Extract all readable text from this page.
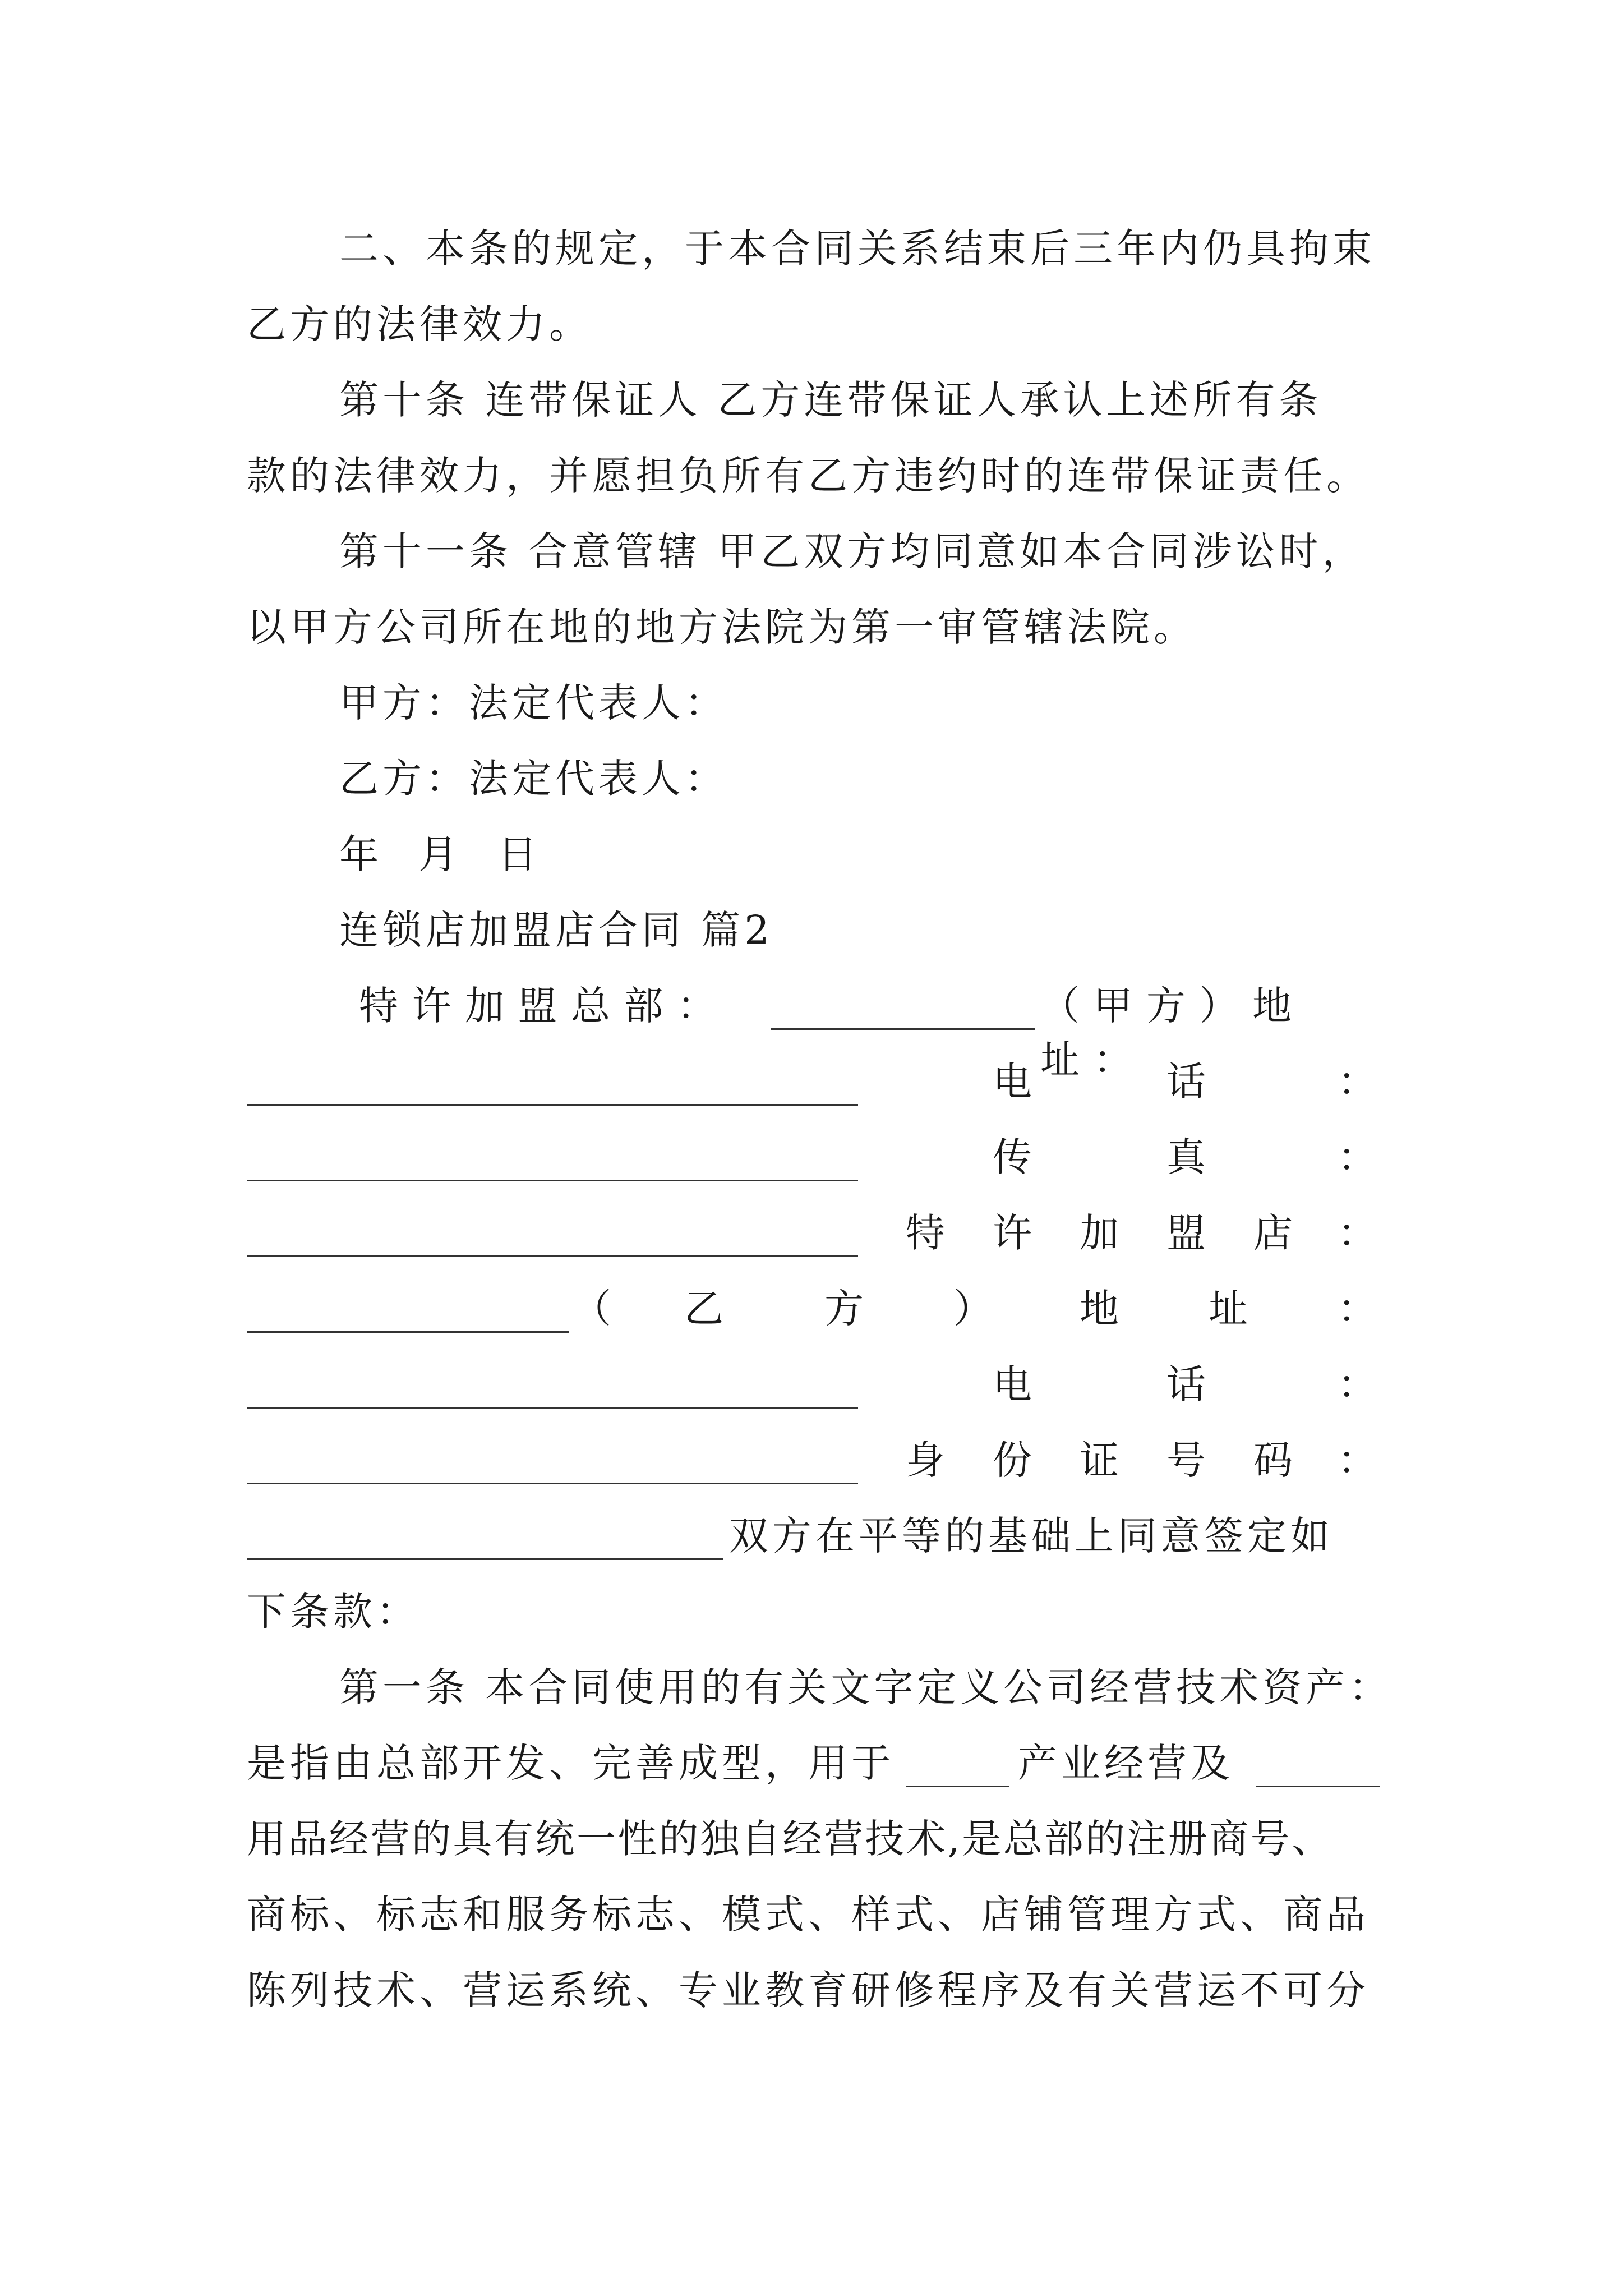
二、本条的规定，于本合同关系结束后三年内仍具拘束
乙方的法律效力。
第十条 连带保证人 乙方连带保证人承认上述所有条
款的法律效力，并愿担负所有乙方违约时的连带保证责任。
第十一条 合意管辖 甲乙双方均同意如本合同涉讼时，
以甲方公司所在地的地方法院为第一审管辖法院。
甲方：法定代表人：
乙方：法定代表人：
年 月 日
连锁店加盟店合同 篇2
特许加盟总部：	（甲方）地址：
电	话	：
传	真	：
特 许 加 盟 店 ：
（ 乙	方 ） 地 址 ：
电	话	：
身 份 证 号 码 ：
双方在平等的基础上同意签定如
下条款：
第一条 本合同使用的有关文字定义公司经营技术资产：
是指由总部开发、完善成型，用于	产业经营及
用品经营的具有统一性的独自经营技术,是总部的注册商号、
商标、标志和服务标志、模式、样式、店铺管理方式、商品
陈列技术、营运系统、专业教育研修程序及有关营运不可分
